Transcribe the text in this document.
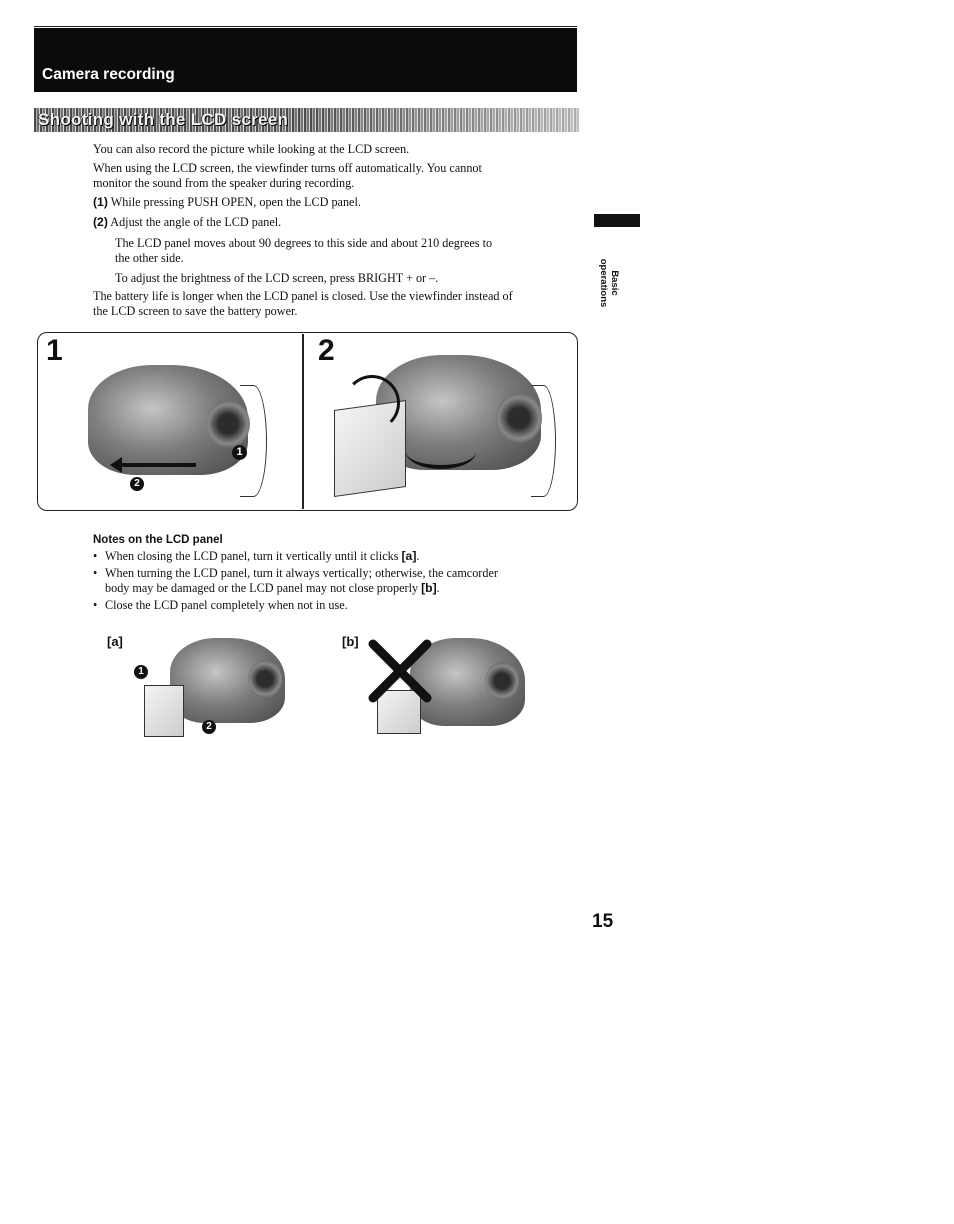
Camera recording
Shooting with the LCD screen
You can also record the picture while looking at the LCD screen.
When using the LCD screen, the viewfinder turns off automatically. You cannot
monitor the sound from the speaker during recording.
(1) While pressing PUSH OPEN, open the LCD panel.
(2) Adjust the angle of the LCD panel.
The LCD panel moves about 90 degrees to this side and about 210 degrees to
the other side.
To adjust the brightness of the LCD screen, press BRIGHT + or –.
The battery life is longer when the LCD panel is closed. Use the viewfinder instead of
the LCD screen to save the battery power.
Basic operations
1	2
1
2
Notes on the LCD panel
• When closing the LCD panel, turn it vertically until it clicks [a].
• When turning the LCD panel, turn it always vertically; otherwise, the camcorder
body may be damaged or the LCD panel may not close properly [b].
• Close the LCD panel completely when not in use.
[a]	[b]
1
2
15
